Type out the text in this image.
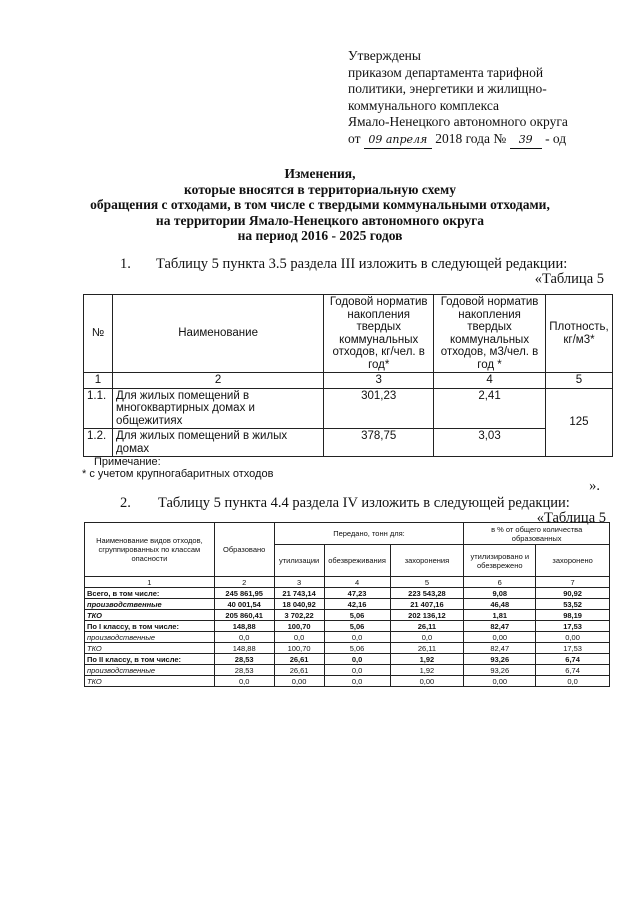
Утверждены
приказом департамента тарифной
политики, энергетики и жилищно-
коммунального комплекса
Ямало-Ненецкого автономного округа
от 09 апреля 2018 года № 39 - од
Изменения,
которые вносятся в территориальную схему
обращения с отходами, в том числе с твердыми коммунальными отходами,
на территории Ямало-Ненецкого автономного округа
на период 2016 - 2025 годов
1. Таблицу 5 пункта 3.5 раздела III изложить в следующей редакции:
«Таблица 5
№	Наименование	Годовой норматив накопления твердых коммунальных отходов, кг/чел. в год*	Годовой норматив накопления твердых коммунальных отходов, м3/чел. в год *	Плотность, кг/м3*
1	2	3	4	5
1.1.	Для жилых помещений в многоквартирных домах и общежитиях	301,23	2,41	125
1.2.	Для жилых помещений в жилых домах	378,75	3,03	
Примечание:
* с учетом крупногабаритных отходов
».
2. Таблицу 5 пункта 4.4 раздела IV изложить в следующей редакции:
«Таблица 5
Наименование видов отходов, сгруппированных по классам опасности	Образовано	Передано, тонн для:			в % от общего количества образованных	
		утилизации	обезвреживания	захоронения	утилизировано и обезврежено	захоронено
1	2	3	4	5	6	7
Всего, в том числе:	245 861,95	21 743,14	47,23	223 543,28	9,08	90,92
производственные	40 001,54	18 040,92	42,16	21 407,16	46,48	53,52
ТКО	205 860,41	3 702,22	5,06	202 136,12	1,81	98,19
По I классу, в том числе:	148,88	100,70	5,06	26,11	82,47	17,53
производственные	0,0	0,0	0,0	0,0	0,00	0,00
ТКО	148,88	100,70	5,06	26,11	82,47	17,53
По II классу, в том числе:	28,53	26,61	0,0	1,92	93,26	6,74
производственные	28,53	26,61	0,0	1,92	93,26	6,74
ТКО	0,0	0,00	0,0	0,00	0,00	0,0
